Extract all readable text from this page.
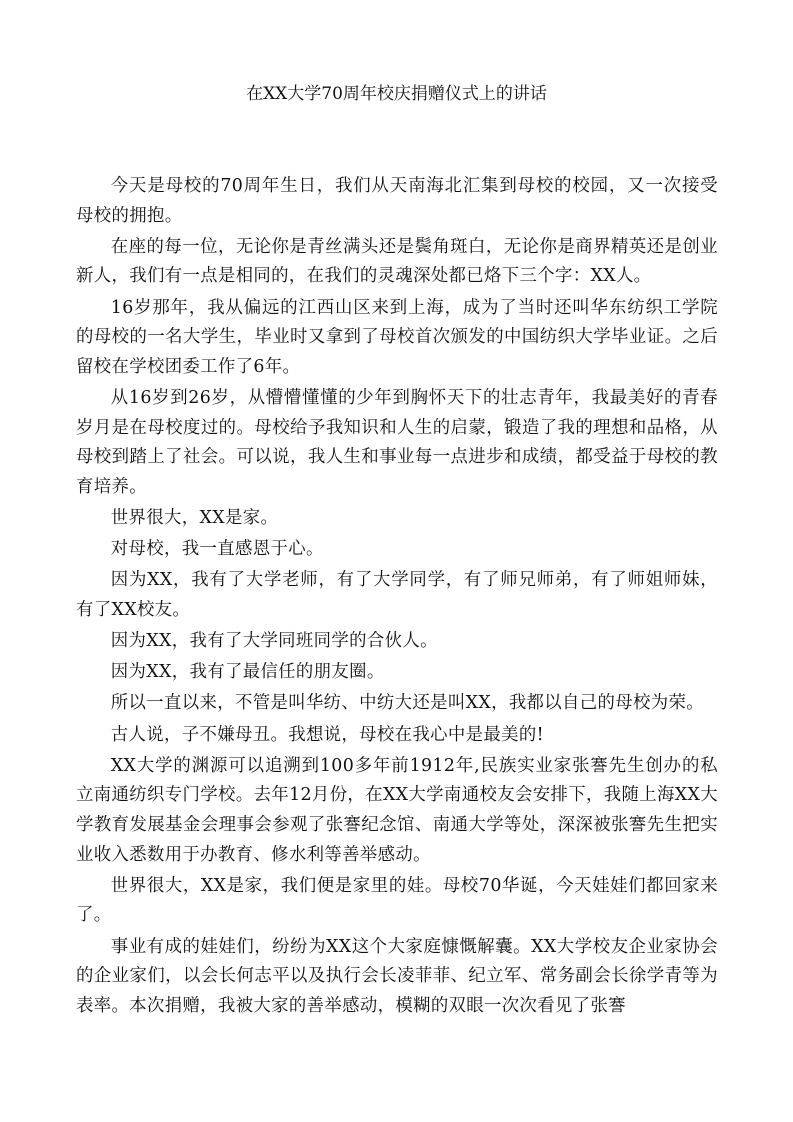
在XX大学70周年校庆捐赠仪式上的讲话

今天是母校的70周年生日，我们从天南海北汇集到母校的校园，又一次接受母校的拥抱。

在座的每一位，无论你是青丝满头还是鬓角斑白，无论你是商界精英还是创业新人，我们有一点是相同的，在我们的灵魂深处都已烙下三个字：XX人。

16岁那年，我从偏远的江西山区来到上海，成为了当时还叫华东纺织工学院的母校的一名大学生，毕业时又拿到了母校首次颁发的中国纺织大学毕业证。之后留校在学校团委工作了6年。

从16岁到26岁，从懵懵懂懂的少年到胸怀天下的壮志青年，我最美好的青春岁月是在母校度过的。母校给予我知识和人生的启蒙，锻造了我的理想和品格，从母校到踏上了社会。可以说，我人生和事业每一点进步和成绩，都受益于母校的教育培养。

世界很大，XX是家。

对母校，我一直感恩于心。

因为XX，我有了大学老师，有了大学同学，有了师兄师弟，有了师姐师妹，有了XX校友。

因为XX，我有了大学同班同学的合伙人。

因为XX，我有了最信任的朋友圈。

所以一直以来，不管是叫华纺、中纺大还是叫XX，我都以自己的母校为荣。

古人说，子不嫌母丑。我想说，母校在我心中是最美的!

XX大学的渊源可以追溯到100多年前1912年,民族实业家张謇先生创办的私立南通纺织专门学校。去年12月份，在XX大学南通校友会安排下，我随上海XX大学教育发展基金会理事会参观了张謇纪念馆、南通大学等处，深深被张謇先生把实业收入悉数用于办教育、修水利等善举感动。

世界很大，XX是家，我们便是家里的娃。母校70华诞，今天娃娃们都回家来了。

事业有成的娃娃们，纷纷为XX这个大家庭慷慨解囊。XX大学校友企业家协会的企业家们，以会长何志平以及执行会长凌菲菲、纪立军、常务副会长徐学青等为表率。本次捐赠，我被大家的善举感动，模糊的双眼一次次看见了张謇
